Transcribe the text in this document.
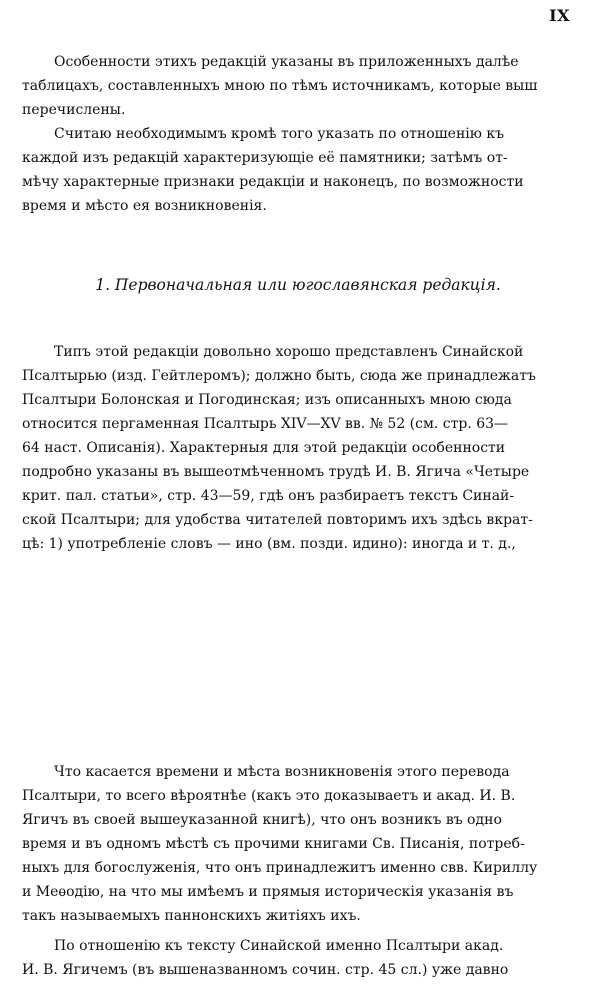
IX
Особенности этихъ редакцій указаны въ приложенныхъ далѣе
таблицахъ, составленныхъ мною по тѣмъ источникамъ, которые выш
перечислены.
Считаю необходимымъ кромѣ того указать по отношенію къ
каждой изъ редакцій характеризующіе её памятники; затѣмъ от-
мѣчу характерные признаки редакціи и наконецъ, по возможности
время и мѣсто ея возникновенія.
1. Первоначальная или югославянская редакція.
Типъ этой редакціи довольно хорошо представленъ Синайской
Псалтырью (изд. Гейтлеромъ); должно быть, сюда же принадлежатъ
Псалтыри Болонская и Погодинская; изъ описанныхъ мною сюда
относится пергаменная Псалтырь XIV—XV вв. № 52 (см. стр. 63—
64 наст. Описанія). Характерныя для этой редакціи особенности
подробно указаны въ вышеотмѣченномъ трудѣ И. В. Ягича «Четыре
крит. пал. статьи», стр. 43—59, гдѣ онъ разбираетъ текстъ Синай-
ской Псалтыри; для удобства читателей повторимъ ихъ здѣсь вкрат-
цѣ: 1) употребленіе словъ — ино (вм. позди. идино): иногда и т. д.,
Что касается времени и мѣста возникновенія этого перевода
Псалтыри, то всего вѣроятнѣе (какъ это доказываетъ и акад. И. В.
Ягичъ въ своей вышеуказанной книгѣ), что онъ возникъ въ одно
время и въ одномъ мѣстѣ съ прочими книгами Св. Писанія, потреб-
ныхъ для богослуженія, что онъ принадлежитъ именно свв. Кириллу
и Меѳодію, на что мы имѣемъ и прямыя историческія указанія въ
такъ называемыхъ паннонскихъ житіяхъ ихъ.
По отношенію къ тексту Синайской именно Псалтыри акад.
И. В. Ягичемъ (въ вышеназванномъ сочин. стр. 45 сл.) уже давно
